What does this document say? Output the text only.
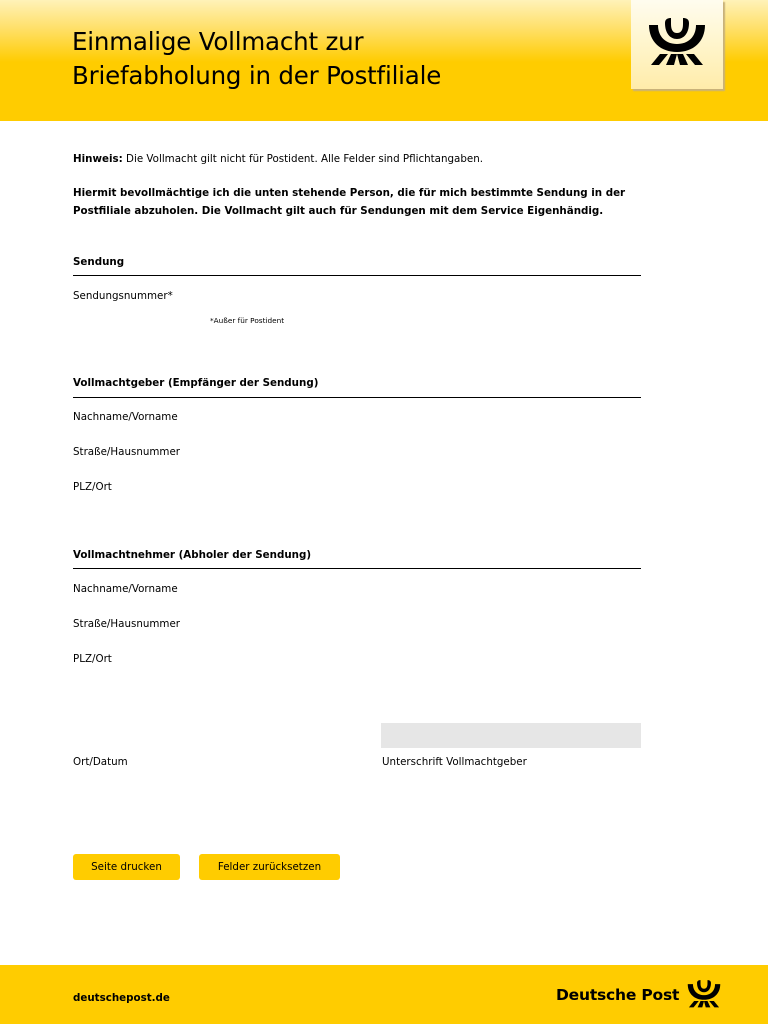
Einmalige Vollmacht zur
Briefabholung in der Postfiliale
Hinweis: Die Vollmacht gilt nicht für Postident. Alle Felder sind Pflichtangaben.
Hiermit bevollmächtige ich die unten stehende Person, die für mich bestimmte Sendung in der
Postfiliale abzuholen. Die Vollmacht gilt auch für Sendungen mit dem Service Eigenhändig.
Sendung
Sendungsnummer*
*Außer für Postident
Vollmachtgeber (Empfänger der Sendung)
Nachname/Vorname
Straße/Hausnummer
PLZ/Ort
Vollmachtnehmer (Abholer der Sendung)
Nachname/Vorname
Straße/Hausnummer
PLZ/Ort
Ort/Datum	Unterschrift Vollmachtgeber
Seite drucken	Felder zurücksetzen
deutschepost.de	Deutsche Post
